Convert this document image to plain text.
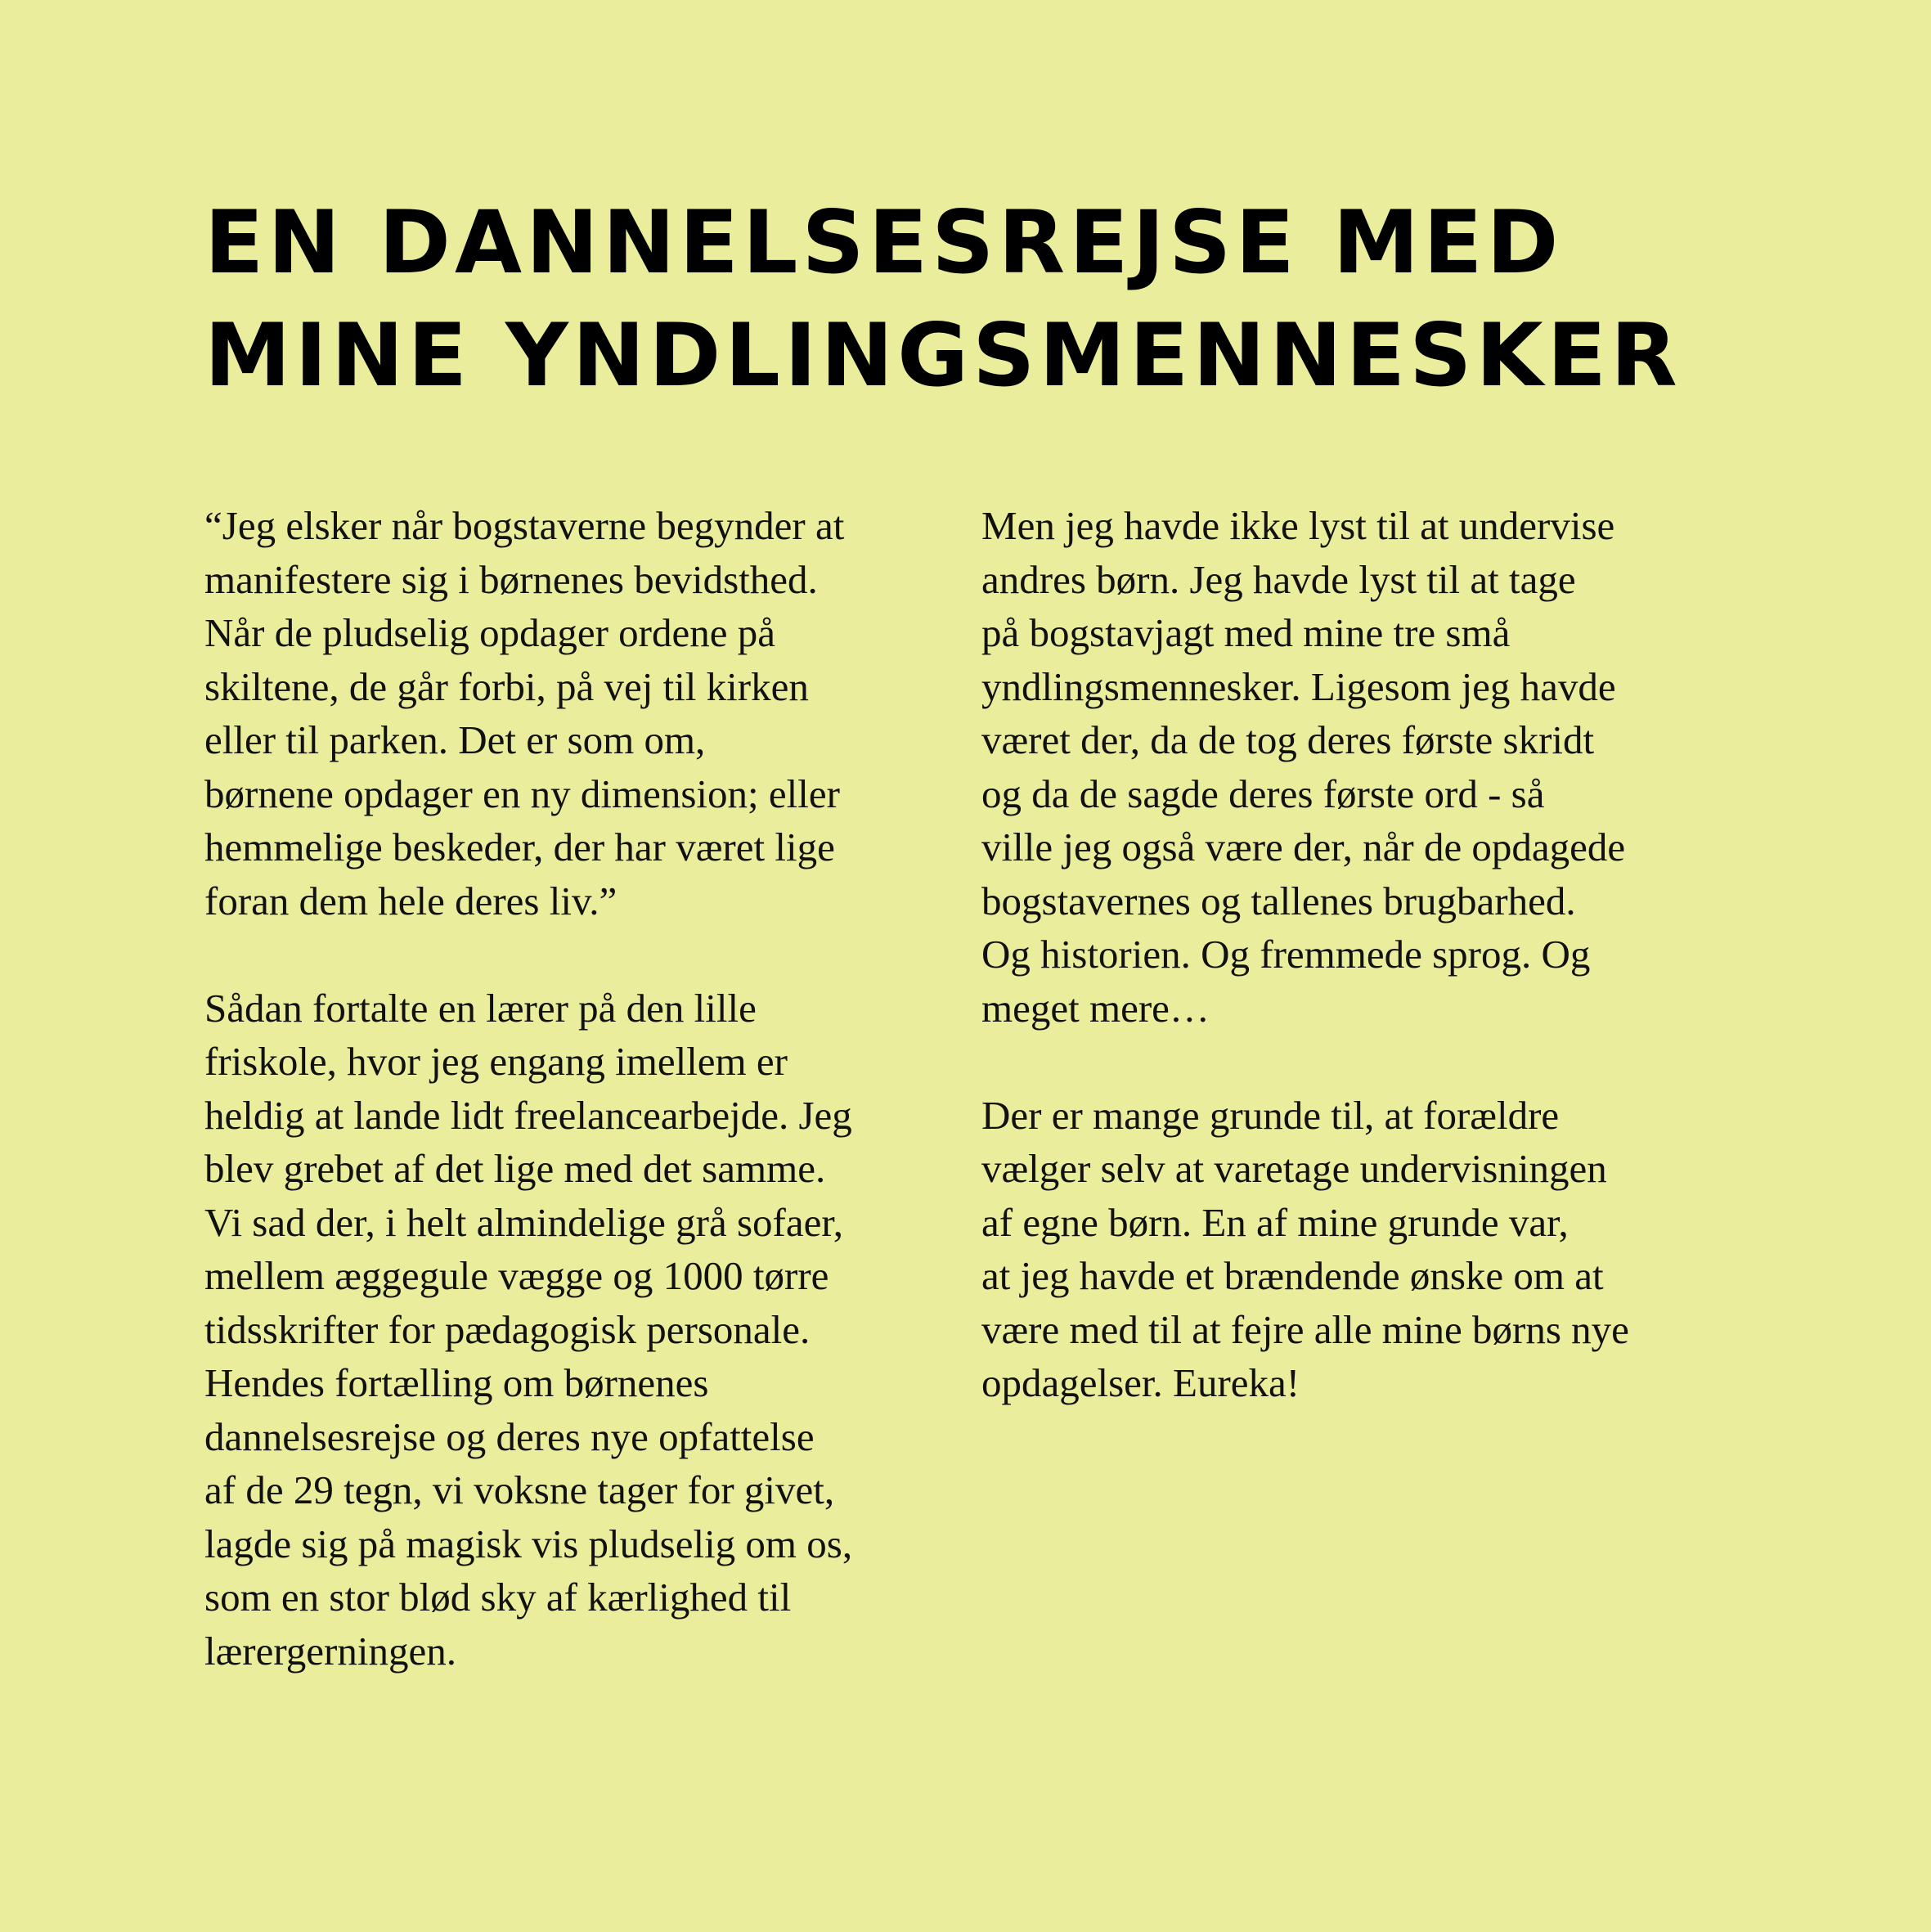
EN DANNELSESREJSE MED
MINE YNDLINGSMENNESKER

“Jeg elsker når bogstaverne begynder at
manifestere sig i børnenes bevidsthed.
Når de pludselig opdager ordene på
skiltene, de går forbi, på vej til kirken
eller til parken. Det er som om,
børnene opdager en ny dimension; eller
hemmelige beskeder, der har været lige
foran dem hele deres liv.”

Sådan fortalte en lærer på den lille
friskole, hvor jeg engang imellem er
heldig at lande lidt freelancearbejde. Jeg
blev grebet af det lige med det samme.
Vi sad der, i helt almindelige grå sofaer,
mellem æggegule vægge og 1000 tørre
tidsskrifter for pædagogisk personale.
Hendes fortælling om børnenes
dannelsesrejse og deres nye opfattelse
af de 29 tegn, vi voksne tager for givet,
lagde sig på magisk vis pludselig om os,
som en stor blød sky af kærlighed til
lærergerningen.

Men jeg havde ikke lyst til at undervise
andres børn. Jeg havde lyst til at tage
på bogstavjagt med mine tre små
yndlingsmennesker. Ligesom jeg havde
været der, da de tog deres første skridt
og da de sagde deres første ord - så
ville jeg også være der, når de opdagede
bogstavernes og tallenes brugbarhed.
Og historien. Og fremmede sprog. Og
meget mere…

Der er mange grunde til, at forældre
vælger selv at varetage undervisningen
af egne børn. En af mine grunde var,
at jeg havde et brændende ønske om at
være med til at fejre alle mine børns nye
opdagelser. Eureka!
